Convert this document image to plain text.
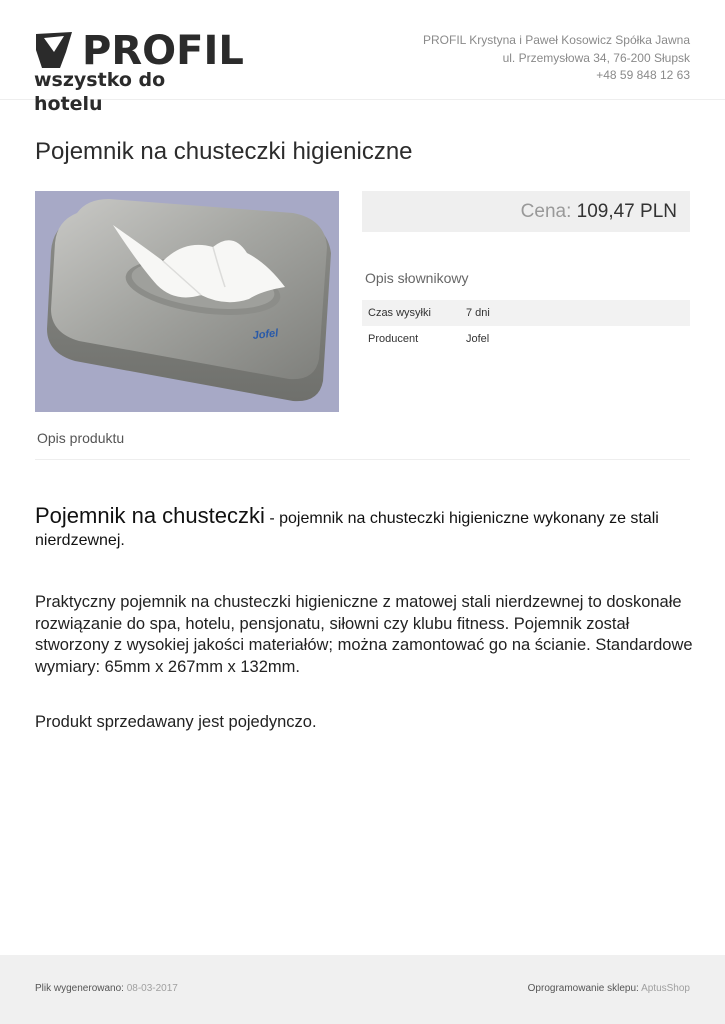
PROFIL
wszystko do hotelu
PROFIL Krystyna i Paweł Kosowicz Spółka Jawna
ul. Przemysłowa 34, 76-200 Słupsk
+48 59 848 12 63
Pojemnik na chusteczki higieniczne
Jofel
Cena: 109,47 PLN
Opis słownikowy
Czas wysyłki	7 dni
Producent	Jofel
Opis produktu

Pojemnik na chusteczki - pojemnik na chusteczki higieniczne wykonany ze stali nierdzewnej.

Praktyczny pojemnik na chusteczki higieniczne z matowej stali nierdzewnej to doskonałe rozwiązanie do spa, hotelu, pensjonatu, siłowni czy klubu fitness. Pojemnik został stworzony z wysokiej jakości materiałów; można zamontować go na ścianie. Standardowe wymiary: 65mm x 267mm x 132mm.

Produkt sprzedawany jest pojedynczo.

Plik wygenerowano: 08-03-2017	Oprogramowanie sklepu: AptusShop
